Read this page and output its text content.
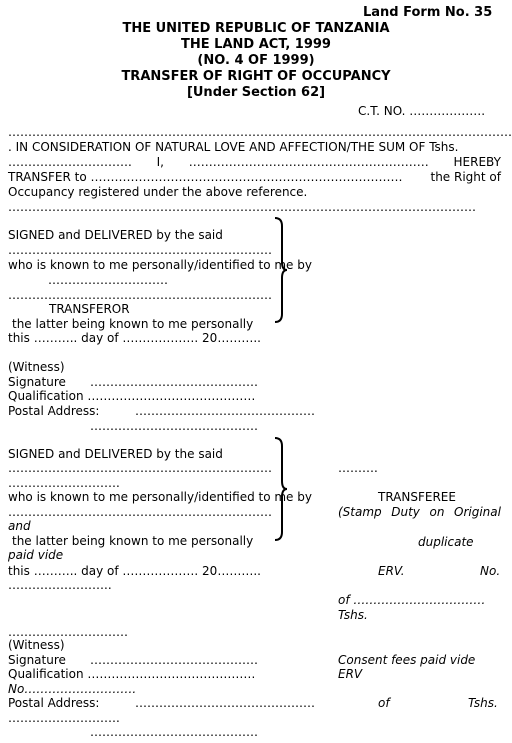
Land Form No. 35
THE UNITED REPUBLIC OF TANZANIA
THE LAND ACT, 1999
(NO. 4 OF 1999)
TRANSFER OF RIGHT OF OCCUPANCY
[Under Section 62]
C.T. NO. ……………….
………………………………………………………………………………………………………………
. IN CONSIDERATION OF NATURAL LOVE AND AFFECTION/THE SUM OF Tshs.
…………………………. I, …………………………………………………… HEREBY
TRANSFER to …………………………………………………………………… the Right of
Occupancy registered under the above reference.
………………………………………………………………………………………………………
SIGNED and DELIVERED by the said
…………………………………………………………
who is known to me personally/identified to me by
…………………………
…………………………………………………………
TRANSFEROR
the latter being known to me personally
this ……….. day of ………………. 20………..
(Witness)
Signature ……………………………………
Qualification ……………………………………
Postal Address:	………………………………………
……………………………………
SIGNED and DELIVERED by the said
…………………………………………………………
……………………….
who is known to me personally/identified to me by
…………………………………………………………
and
the latter being known to me personally
paid vide
this ……….. day of ………………. 20………..
……………………..
…………………………
(Witness)
Signature ……………………………………
Qualification ……………………………………
No……………………….
Postal Address:	………………………………………
……………………….
……………………………………
……….
TRANSFEREE
(Stamp Duty on Original
duplicate
ERV.	No.
of ……………………………
Tshs.
Consent fees paid vide
ERV
of	Tshs.
